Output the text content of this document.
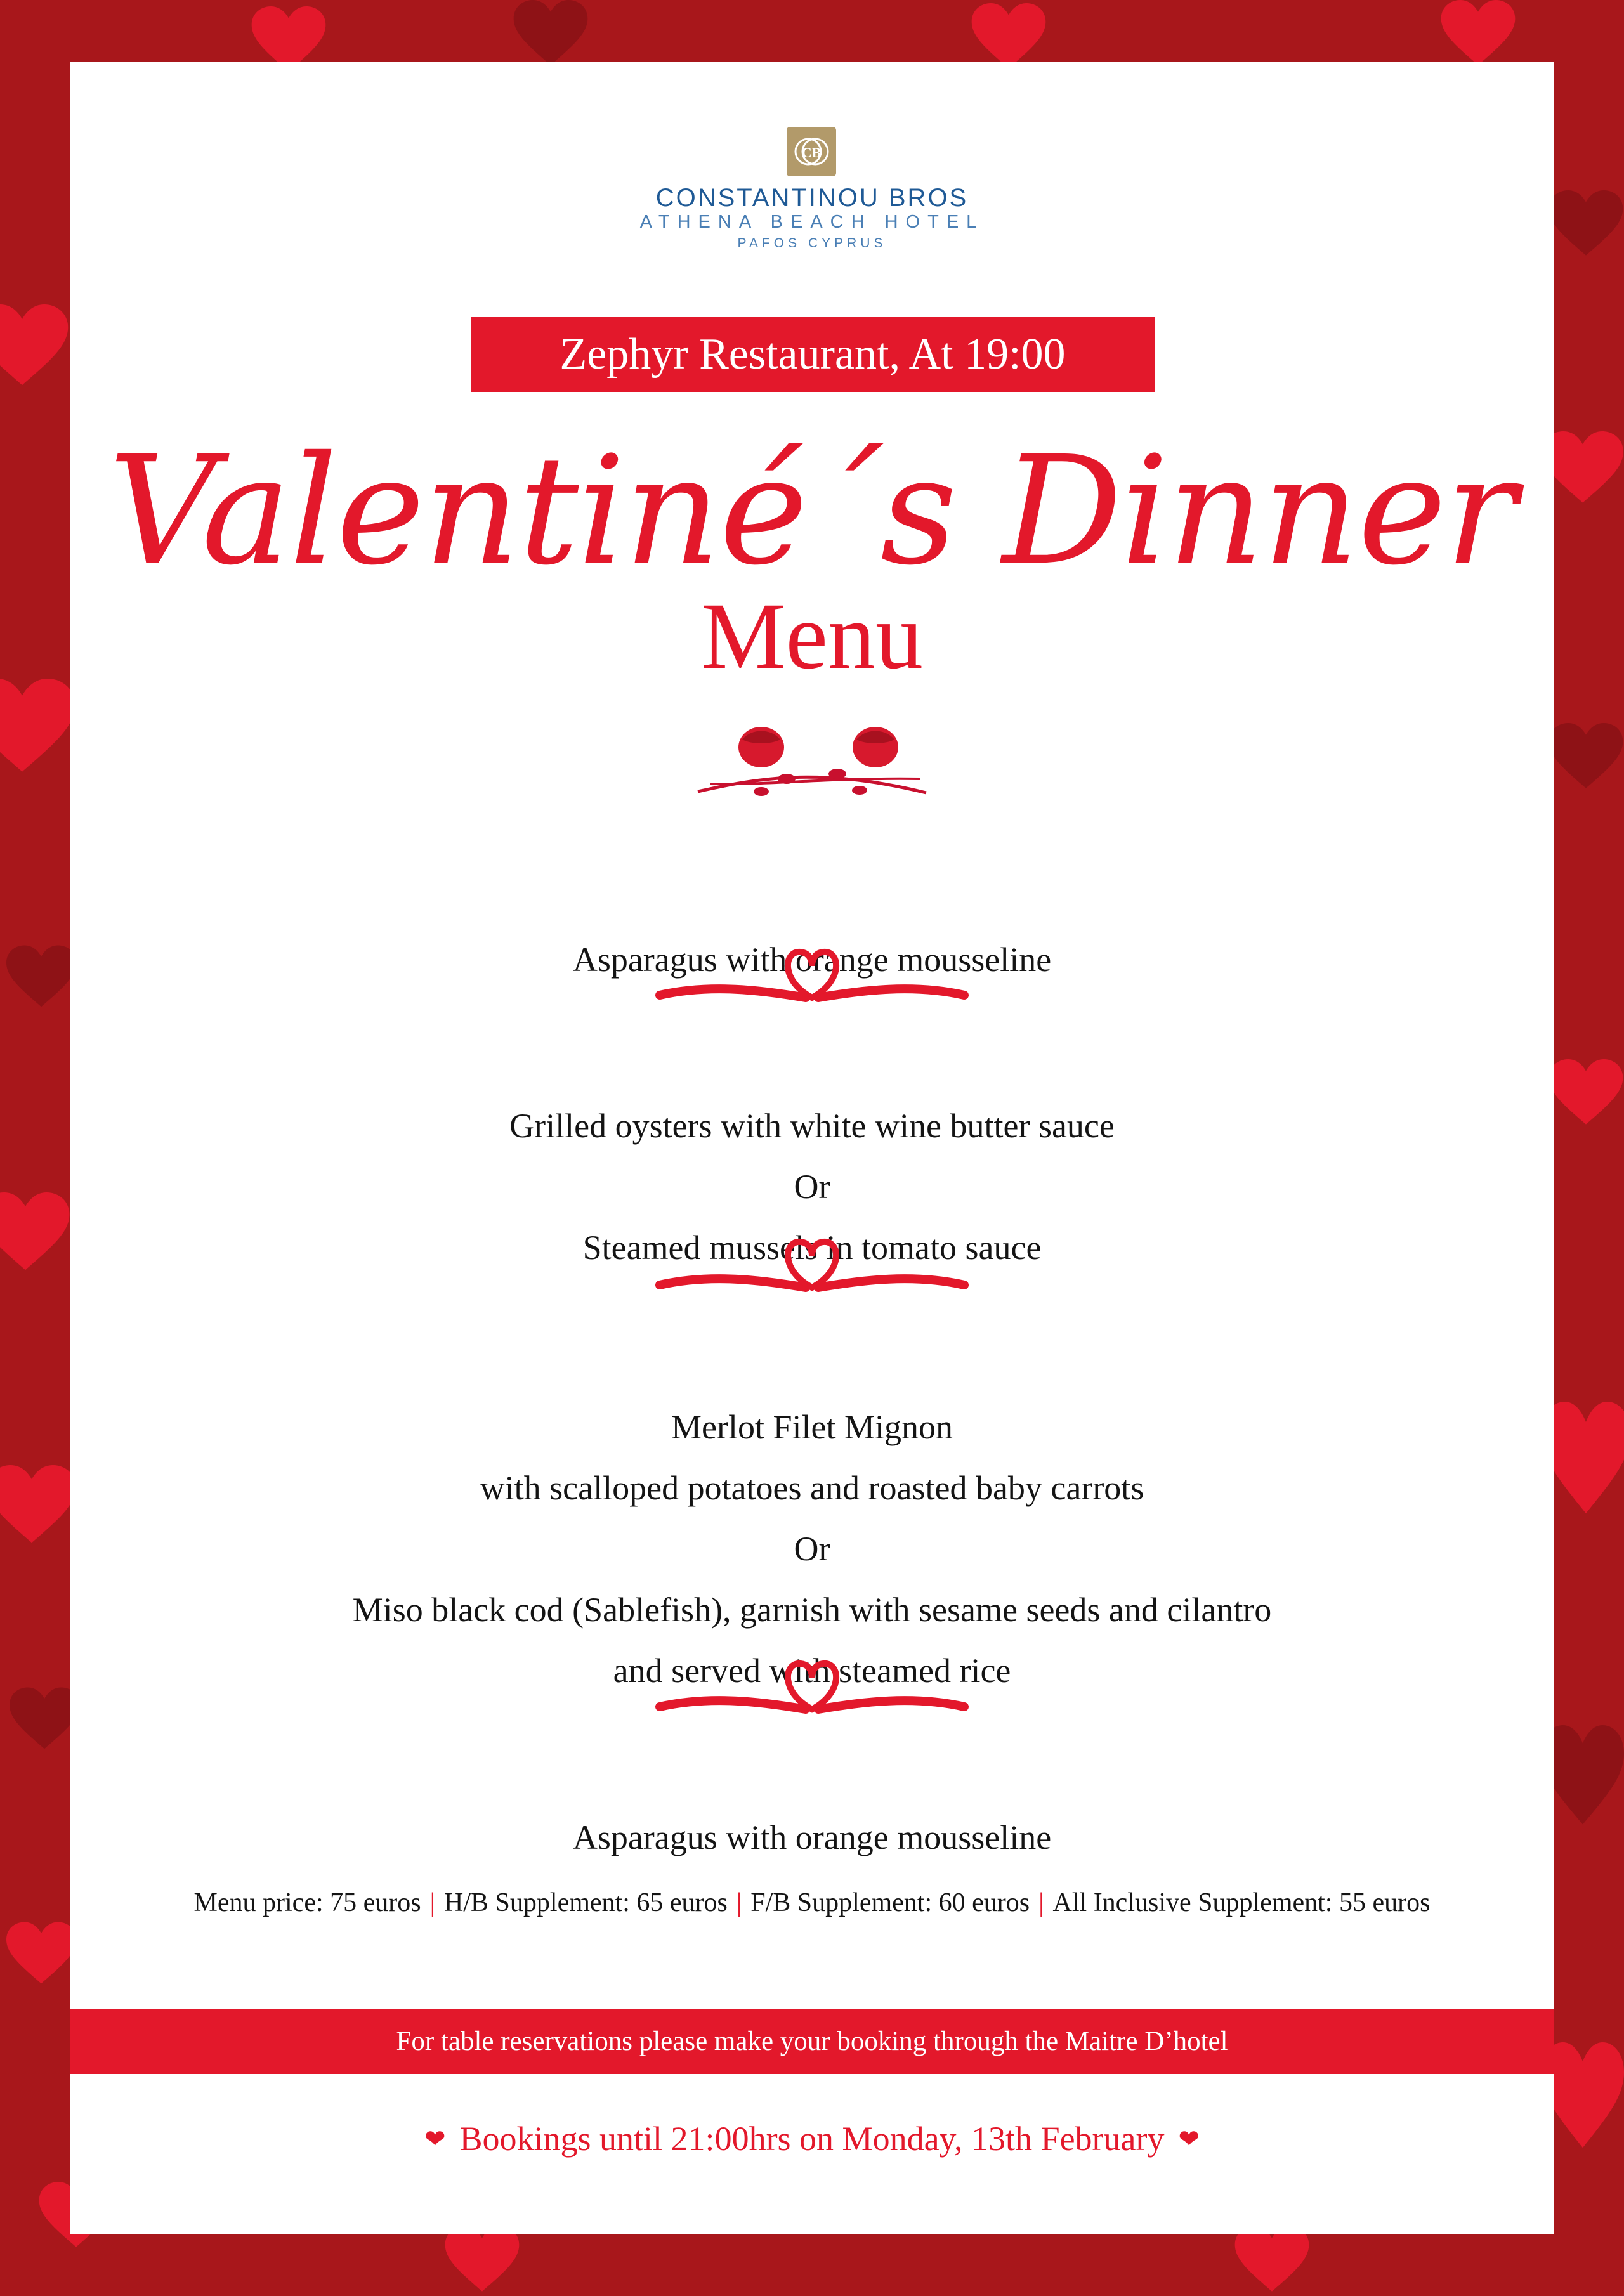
CB
CONSTANTINOU BROS
ATHENA BEACH HOTEL
PAFOS CYPRUS
Zephyr Restaurant, At 19:00
Valentiné´s Dinner
Menu
Asparagus with orange mousseline
Grilled oysters with white wine butter sauce
Or
Steamed mussels in tomato sauce
Merlot Filet Mignon
with scalloped potatoes and roasted baby carrots
Or
Miso black cod (Sablefish), garnish with sesame seeds and cilantro
and served with steamed rice
Asparagus with orange mousseline
Menu price: 75 euros | H/B Supplement: 65 euros | F/B Supplement: 60 euros | All Inclusive Supplement: 55 euros
For table reservations please make your booking through the Maitre D’hotel
❤ Bookings until 21:00hrs on Monday, 13th February ❤
